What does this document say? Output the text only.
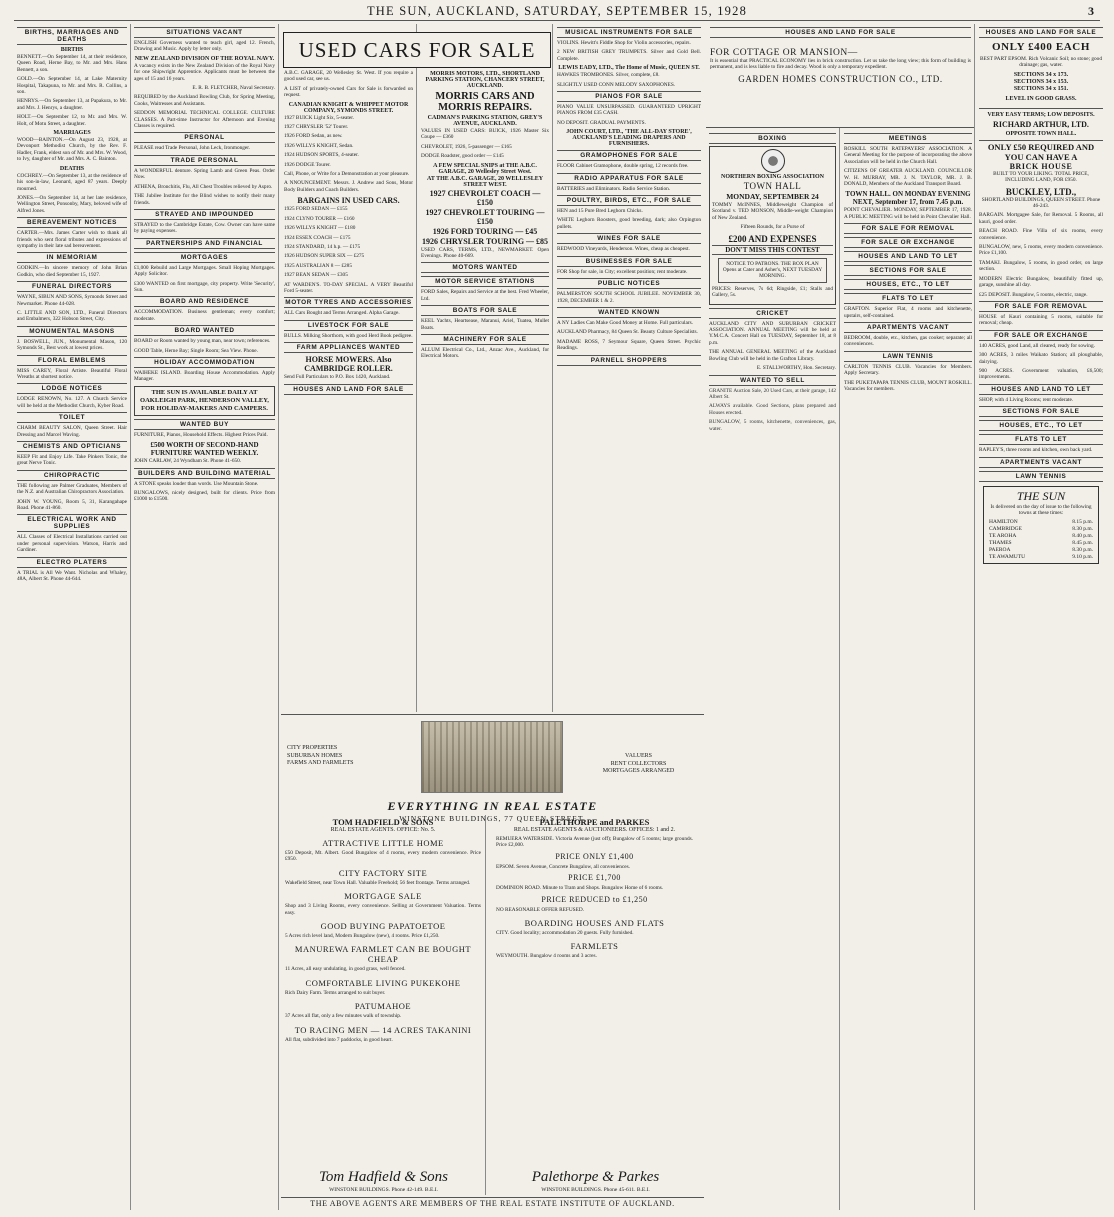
THE SUN, AUCKLAND, SATURDAY, SEPTEMBER 15, 1928	3
BIRTHS, MARRIAGES AND DEATHS
BIRTHS

BENNETT.—On September 14, at their residence, Queen Road, Herne Bay, to Mr. and Mrs. Hans Bennett, a son.

GOLD.—On September 14, at Lake Maternity Hospital, Takapuna, to Mr. and Mrs. R. Collins, a son.

HENRYS.—On September 13, at Papakura, to Mr. and Mrs. J. Henrys, a daughter.

HOLT.—On September 12, to Mr. and Mrs. W. Holt, of Motu Street, a daughter.

MARRIAGES

WOOD—BAINTON.—On August 23, 1928, at Devonport Methodist Church, by the Rev. F. Hadler, Frank, eldest son of Mr. and Mrs. W. Wood, to Ivy, daughter of Mr. and Mrs. A. C. Bainton.

DEATHS

COCHREY.—On September 13, at the residence of his son-in-law, Leonard, aged 87 years. Deeply mourned.

JONES.—On September 14, at her late residence, Wellington Street, Ponsonby, Mary, beloved wife of Alfred Jones.

BEREAVEMENT NOTICES

CARTER.—Mrs. James Carter wish to thank all friends who sent floral tributes and expressions of sympathy in their late sad bereavement.

IN MEMORIAM

GODKIN.—In sincere memory of John Brian Godkin, who died September 15, 1927.

FUNERAL DIRECTORS

WAYNE, SIBUN AND SONS, Symonds Street and Newmarket. Phone 44-028.

C. LITTLE AND SON, LTD., Funeral Directors and Embalmers, 322 Hobson Street, City.

MONUMENTAL MASONS

J. BOSWELL, JUN., Monumental Mason, 120 Symonds St., Best work at lowest prices.

FLORAL EMBLEMS

MISS CAREY, Floral Artiste. Beautiful Floral Wreaths at shortest notice.

LODGE NOTICES

LODGE RENOWN, No. 127. A Church Service will be held at the Methodist Church, Kyber Road.

TOILET

CHARM BEAUTY SALON, Queen Street. Hair Dressing and Marcel Waving.

CHEMISTS AND OPTICIANS

KEEP Fit and Enjoy Life. Take Pinkers Tonic, the great Nerve Tonic.

CHIROPRACTIC

THE following are Palmer Graduates, Members of the N.Z. and Australian Chiropractors Association.

JOHN W. YOUNG, Room 5, 31, Karangahape Road. Phone 41-860.

ELECTRICAL WORK AND SUPPLIES

ALL Classes of Electrical Installations carried out under personal supervision. Watson, Harris and Gardiner.

ELECTRO PLATERS

A TRIAL is All We Want. Nicholas and Whaley, 48A, Albert St. Phone 44-644.

SITUATIONS VACANT

ENGLISH Governess wanted to teach girl, aged 12. French, Drawing and Music. Apply by letter only.

NEW ZEALAND DIVISION OF THE ROYAL NAVY.

A vacancy exists in the New Zealand Division of the Royal Navy for one Shipwright Apprentice. Applicants must be between the ages of 15 and 16 years.

E. R. B. FLETCHER, Naval Secretary.

REQUIRED by the Auckland Bowling Club, for Spring Meeting, Cooks, Waitresses and Assistants.

SEDDON MEMORIAL TECHNICAL COLLEGE. CULTURE CLASSES. A Part-time Instructor for Afternoon and Evening Classes is required.

PERSONAL

PLEASE read Trade Personal, John Leck, Ironmonger.

TRADE PERSONAL

A WONDERFUL denture. Spring Lamb and Green Peas. Order Now.

ATHENA, Bronchitis, Flu, All Chest Troubles relieved by Aspro.

THE Jubilee Institute for the Blind wishes to notify their many friends.

STRAYED AND IMPOUNDED

STRAYED to the Cambridge Estate, Cow. Owner can have same by paying expenses.

PARTNERSHIPS AND FINANCIAL
MORTGAGES

£1,000 Rebuild and Large Mortgages. Small Hoping Mortgages. Apply Solicitor.

£300 WANTED on first mortgage, city property. Write 'Security', Sun.

BOARD AND RESIDENCE

ACCOMMODATION. Business gentleman; every comfort; moderate.

BOARD WANTED

BOARD or Room wanted by young man, near town; references.

GOOD Table, Herne Bay; Single Room; Sea View. Phone.

HOLIDAY ACCOMMODATION

WAIHEKE ISLAND. Boarding House Accommodation. Apply Manager.

THE SUN IS AVAILABLE DAILY AT OAKLEIGH PARK, HENDERSON VALLEY, FOR HOLIDAY-MAKERS AND CAMPERS.
WANTED BUY

FURNITURE, Pianos, Household Effects. Highest Prices Paid.

£500 WORTH OF SECOND-HAND FURNITURE WANTED WEEKLY.

JOHN CARLAW, 24 Wyndham St. Phone 41-650.

BUILDERS AND BUILDING MATERIAL

A STONE speaks louder than words. Use Mountain Stone.

BUNGALOWS, nicely designed, built for clients. Price from £1000 to £1500.

A.B.C. GARAGE, 20 Wellesley St. West. If you require a good used car, see us.

A LIST of privately-owned Cars for Sale is forwarded on request.

CANADIAN KNIGHT & WHIPPET MOTOR COMPANY, SYMONDS STREET.

1927 BUICK Light Six, 5-seater.

1927 CHRYSLER '52' Tourer.

1926 FORD Sedan, as new.

1926 WILLYS KNIGHT, Sedan.

1924 HUDSON SPORTS, 4-seater.

1926 DODGE Tourer.

Call, Phone, or Write for a Demonstration at your pleasure.

A NNOUNCEMENT. Messrs. J. Andrew and Sons, Motor Body Builders and Coach Builders.

BARGAINS IN USED CARS.

1925 FORD SEDAN — £155

1924 CLYNO TOURER — £160

1926 WILLYS KNIGHT — £180

1924 ESSEX COACH — £175

1924 STANDARD, 14 h.p. — £175

1926 HUDSON SUPER SIX — £275

1925 AUSTRALIAN 8 — £285

1927 BEAN SEDAN — £305

AT WARDEN'S. TO-DAY SPECIAL. A VERY Beautiful Ford 5-seater.

MOTOR TYRES AND ACCESSORIES

ALL Cars Bought and Terms Arranged. Alpha Garage.

LIVESTOCK FOR SALE

BULLS. Milking Shorthorn, with good Herd Book pedigree.

FARM APPLIANCES WANTED
HORSE MOWERS. Also CAMBRIDGE ROLLER.

Send Full Particulars to P.O. Box 1420, Auckland.

HOUSES AND LAND FOR SALE
USED CARS FOR SALE
MORRIS MOTORS, LTD., SHORTLAND PARKING STATION, CHANCERY STREET, AUCKLAND.
MORRIS CARS AND MORRIS REPAIRS.
CADMAN'S PARKING STATION, GREY'S AVENUE, AUCKLAND.

VALUES IN USED CARS: BUICK, 1926 Master Six Coupe — £360

CHEVROLET, 1926, 5-passenger — £165

DODGE Roadster, good order — £145

A FEW SPECIAL SNIPS at THE A.B.C. GARAGE, 20 Wellesley Street West.
AT THE A.B.C. GARAGE, 20 WELLESLEY STREET WEST.
1927 CHEVROLET COACH — £150
1927 CHEVROLET TOURING — £150
1926 FORD TOURING — £45
1926 CHRYSLER TOURING — £85

USED CARS, TERMS, LTD., NEWMARKET. Open Evenings. Phone 40-669.

MOTORS WANTED
MOTOR SERVICE STATIONS

FORD Sales, Repairs and Service at the best. Fred Wheeler, Ltd.

BOATS FOR SALE

KEEL Yachts, Heartsease, Maranui, Ariel, Tuatea, Mullet Boats.

MACHINERY FOR SALE

ALLUM Electrical Co., Ltd., Anzac Ave., Auckland, for Electrical Motors.

MUSICAL INSTRUMENTS FOR SALE

VIOLINS. Hewitt's Fiddle Shop for Violin accessories, repairs.

2 NEW BRITISH GREY TRUMPETS. Silver and Gold Bell. Complete.

LEWIS EADY, LTD., The Home of Music, QUEEN ST.

HAWKES TROMBONES. Silver, complete, £8.

SLIGHTLY USED CONN MELODY SAXOPHONES.

PIANOS FOR SALE

PIANO VALUE UNSURPASSED. GUARANTEED UPRIGHT PIANOS FROM £35 CASH.

NO DEPOSIT. GRADUAL PAYMENTS.

JOHN COURT, LTD., 'THE ALL-DAY STORE', AUCKLAND'S LEADING DRAPERS AND FURNISHERS.
GRAMOPHONES FOR SALE

FLOOR Cabinet Gramophone, double spring, 12 records free.

RADIO APPARATUS FOR SALE

BATTERIES and Eliminators. Radio Service Station.

POULTRY, BIRDS, ETC., FOR SALE

HEN and 15 Pure Bred Leghorn Chicks.

WHITE Leghorn Roosters, good breeding, dark; also Orpington pullets.

WINES FOR SALE

REDWOOD Vineyards, Henderson. Wines, cheap as cheapest.

BUSINESSES FOR SALE

FOR Shop for sale, in City; excellent position; rent moderate.

PUBLIC NOTICES

PALMERSTON SOUTH SCHOOL JUBILEE. NOVEMBER 30, 1928, DECEMBER 1 & 2.

WANTED KNOWN

A NY Ladies Can Make Good Money at Home. Full particulars.

AUCKLAND Pharmacy, 84 Queen St. Beauty Culture Specialists.

MADAME ROSS, 7 Seymour Square, Queen Street. Psychic Readings.

PARNELL SHOPPERS
CITY PROPERTIES
SUBURBAN HOMES
FARMS AND FARMLETS
VALUERS
RENT COLLECTORS
MORTGAGES ARRANGED
EVERYTHING IN REAL ESTATE
WINSTONE BUILDINGS, 77 QUEEN STREET.
TOM HADFIELD & SONS
REAL ESTATE AGENTS. OFFICE: No. 5.
ATTRACTIVE LITTLE HOME

£50 Deposit, Mt. Albert. Good Bungalow of 4 rooms, every modern convenience. Price £950.

CITY FACTORY SITE

Wakefield Street, near Town Hall. Valuable Freehold; 56 feet frontage. Terms arranged.

MORTGAGE SALE

Shop and 3 Living Rooms, every convenience. Selling at Government Valuation. Terms easy.

GOOD BUYING PAPATOETOE

5 Acres rich level land, Modern Bungalow (new), 4 rooms. Price £1,250.

MANUREWA FARMLET CAN BE BOUGHT CHEAP

11 Acres, all easy undulating, in good grass, well fenced.

COMFORTABLE LIVING PUKEKOHE

Rich Dairy Farm. Terms arranged to suit buyer.

PATUMAHOE

37 Acres all flat, only a few minutes walk of township.

TO RACING MEN — 14 ACRES TAKANINI

All flat, subdivided into 7 paddocks, in good heart.

PALETHORPE and PARKES
REAL ESTATE AGENTS & AUCTIONEERS. OFFICES: 1 and 2.

REMUERA WATERSIDE. Victoria Avenue (just off); Bungalow of 5 rooms; large grounds. Price £2,000.

PRICE ONLY £1,400

EPSOM. Seven Avenue, Concrete Bungalow, all conveniences.

PRICE £1,700

DOMINION ROAD. Minute to Tram and Shops. Bungalow Home of 6 rooms.

PRICE REDUCED to £1,250

NO REASONABLE OFFER REFUSED.

BOARDING HOUSES AND FLATS

CITY. Good locality; accommodation 20 guests. Fully furnished.

FARMLETS

WEYMOUTH. Bungalow 4 rooms and 3 acres.

Tom Hadfield & Sons
WINSTONE BUILDINGS. Phone 42-149. B.E.I.
Palethorpe & Parkes
WINSTONE BUILDINGS. Phone 45-611. B.E.I.
THE ABOVE AGENTS ARE MEMBERS OF THE REAL ESTATE INSTITUTE OF AUCKLAND.
HOUSES AND LAND FOR SALE
FOR COTTAGE OR MANSION—

It is essential that PRACTICAL ECONOMY lies in brick construction. Let us take the long view; this form of building is permanent, and is less liable to fire and decay. Wood is only a temporary expedient.

GARDEN HOMES CONSTRUCTION CO., LTD.
BOXING
NORTHERN BOXING ASSOCIATION
TOWN HALL
MONDAY, SEPTEMBER 24

TOMMY McINNES, Middleweight Champion of Scotland v. TED MONSON, Middle-weight Champion of New Zealand.

Fifteen Rounds, for a Purse of
£200 AND EXPENSES
DON'T MISS THIS CONTEST

NOTICE TO PATRONS. THE BOX PLAN Opens at Cater and Asher's, NEXT TUESDAY MORNING.

PRICES: Reserves, 7s 6d; Ringside, £1; Stalls and Gallery, 5s.

CRICKET

AUCKLAND CITY AND SUBURBAN CRICKET ASSOCIATION. ANNUAL MEETING will be held at Y.M.C.A. Concert Hall on TUESDAY, September 18, at 8 p.m.

THE ANNUAL GENERAL MEETING of the Auckland Bowling Club will be held in the Grafton Library.

E. STALLWORTHY, Hon. Secretary.

WANTED TO SELL

GRANITE Auction Sale, 20 Used Cars, at their garage, 142 Albert St.

ALWAYS available. Good Sections, plans prepared and Houses erected.

BUNGALOW, 5 rooms, kitchenette, conveniences, gas, water.

MEETINGS

ROSKILL SOUTH RATEPAYERS' ASSOCIATION. A General Meeting for the purpose of incorporating the above Association will be held in the Church Hall.

CITIZENS OF GREATER AUCKLAND. COUNCILLOR W. H. MURRAY, MR. J. N. TAYLOR, MR. J. B. DONALD, Members of the Auckland Transport Board.

TOWN HALL. ON MONDAY EVENING NEXT, September 17, from 7.45 p.m.

POINT CHEVALIER. MONDAY, SEPTEMBER 17, 1928. A PUBLIC MEETING will be held in Point Chevalier Hall.

FOR SALE FOR REMOVAL
FOR SALE OR EXCHANGE
HOUSES AND LAND TO LET
SECTIONS FOR SALE
HOUSES, ETC., TO LET
FLATS TO LET

GRAFTON. Superior Flat, 4 rooms and kitchenette, upstairs, self-contained.

APARTMENTS VACANT

BEDROOM, double, etc., kitchen, gas cooker; separate; all conveniences.

LAWN TENNIS

CARLTON TENNIS CLUB. Vacancies for Members. Apply Secretary.

THE PUKETAPAPA TENNIS CLUB, MOUNT ROSKILL. Vacancies for members.

HOUSES AND LAND FOR SALE
ONLY £400 EACH

BEST PART EPSOM. Rich Volcanic Soil; no stone; good drainage; gas, water.

SECTIONS 34 x 173.
SECTIONS 34 x 153.
SECTIONS 34 x 151.
LEVEL IN GOOD GRASS.
VERY EASY TERMS; LOW DEPOSITS.
RICHARD ARTHUR, LTD.
OPPOSITE TOWN HALL.
ONLY £50 REQUIRED AND YOU CAN HAVE A
BRICK HOUSE

BUILT TO YOUR LIKING. TOTAL PRICE, INCLUDING LAND, FOR £950.

BUCKLEY, LTD.,

SHORTLAND BUILDINGS, QUEEN STREET. Phone 46-243.

BARGAIN. Mortgagee Sale, for Removal. 5 Rooms, all kauri, good order.

BEACH ROAD. Fine Villa of six rooms, every convenience.

BUNGALOW, new, 5 rooms, every modern convenience. Price £1,100.

TAMAKI. Bungalow, 5 rooms, in good order, on large section.

MODERN Electric Bungalow, beautifully fitted up, garage, sunshine all day.

£25 DEPOSIT. Bungalow, 5 rooms, electric, range.

FOR SALE FOR REMOVAL

HOUSE of Kauri containing 5 rooms, suitable for removal; cheap.

FOR SALE OR EXCHANGE

140 ACRES, good Land, all cleared, ready for sowing.

300 ACRES, 3 miles Waikato Station; all ploughable, dairying.

900 ACRES. Government valuation, £6,500; improvements.

HOUSES AND LAND TO LET

SHOP, with 4 Living Rooms; rent moderate.

SECTIONS FOR SALE
HOUSES, ETC., TO LET
FLATS TO LET

RAPLEY'S, three rooms and kitchen, own back yard.

APARTMENTS VACANT
LAWN TENNIS
THE SUN

Is delivered on the day of issue to the following towns at these times:

HAMILTON	8.15 p.m.
CAMBRIDGE	8.30 p.m.
TE AROHA	8.40 p.m.
THAMES	8.45 p.m.
PAEROA	8.30 p.m.
TE AWAMUTU	9.10 p.m.
